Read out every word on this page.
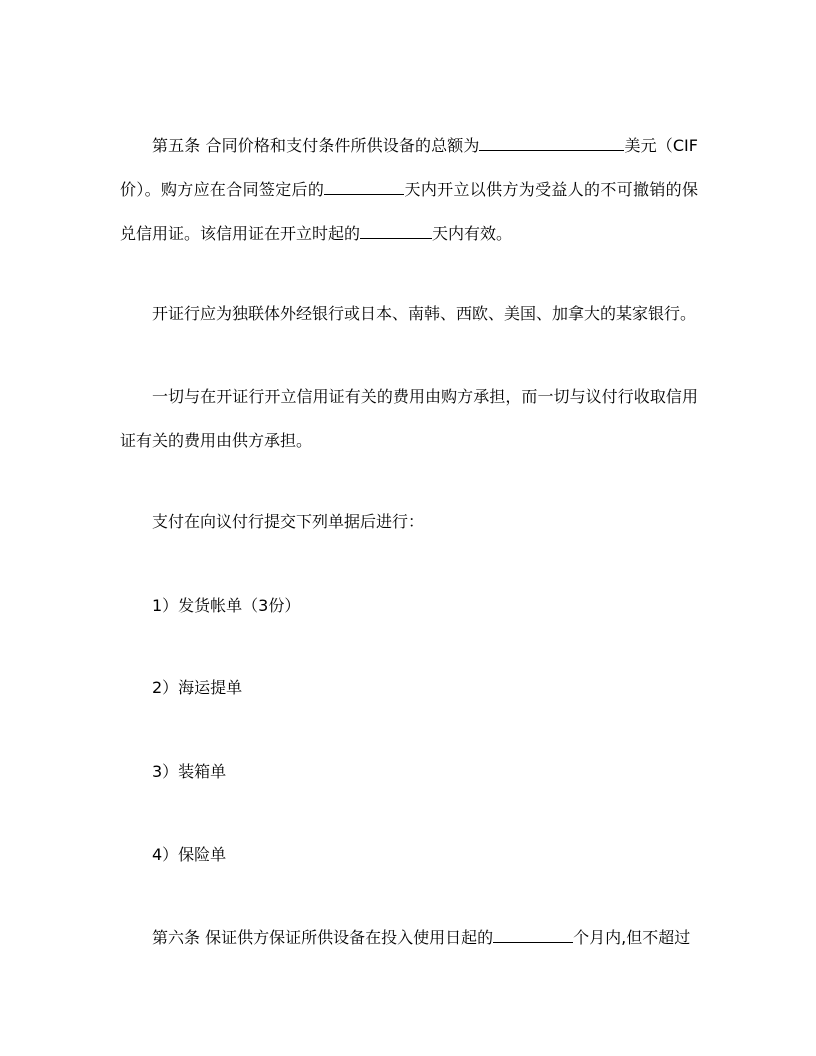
第五条 合同价格和支付条件所供设备的总额为	美元（CIF价）。购方应在合同签定后的	天内开立以供方为受益人的不可撤销的保兑信用证。该信用证在开立时起的	天内有效。

开证行应为独联体外经银行或日本、南韩、西欧、美国、加拿大的某家银行。

一切与在开证行开立信用证有关的费用由购方承担，而一切与议付行收取信用证有关的费用由供方承担。

支付在向议付行提交下列单据后进行：

1）发货帐单（3份）

2）海运提单

3）装箱单

4）保险单

第六条 保证供方保证所供设备在投入使用日起的	个月内,但不超过
